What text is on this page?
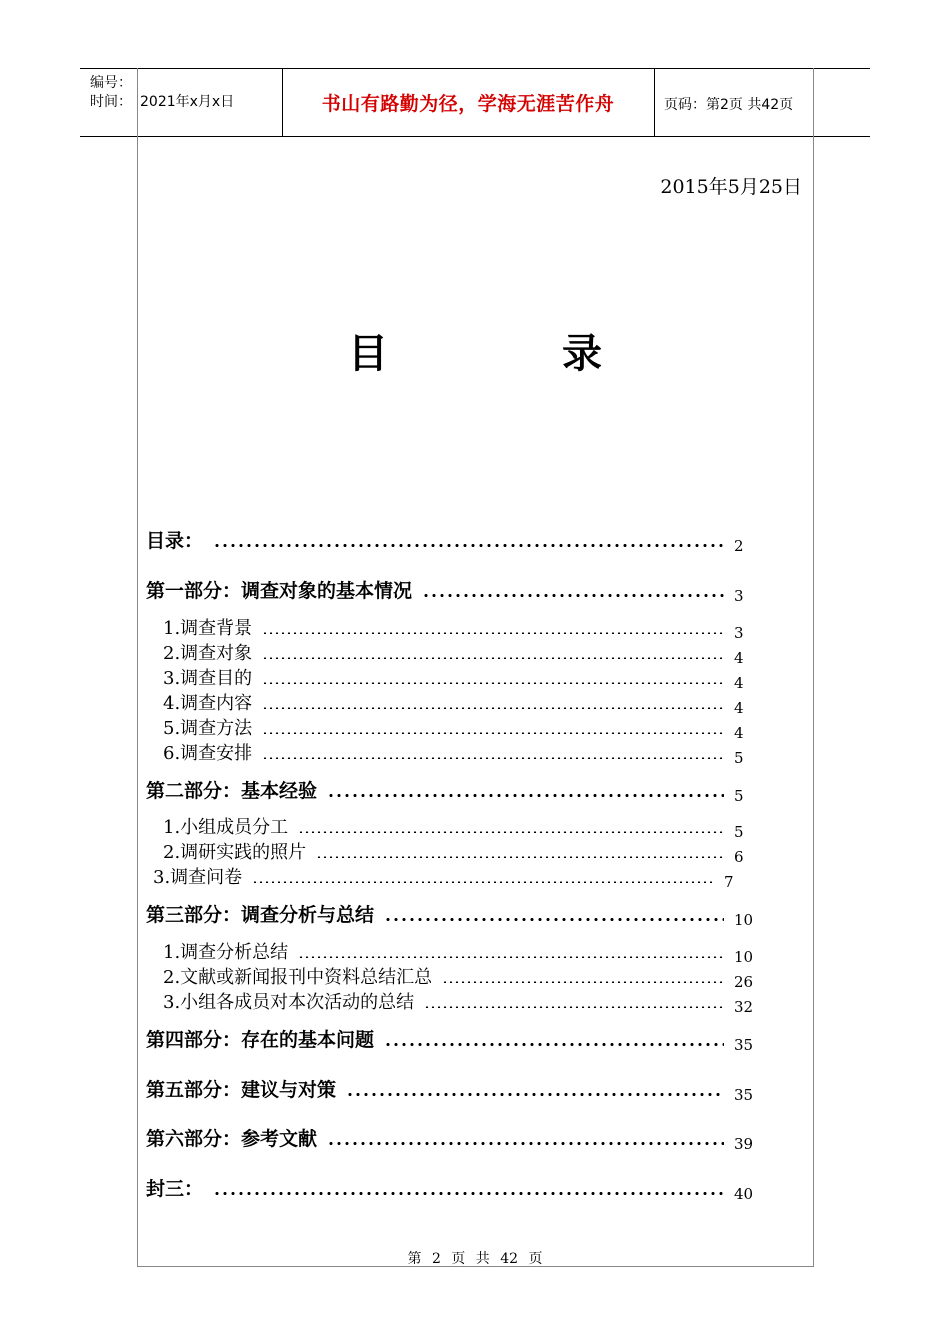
编号：
时间： 2021年x月x日	书山有路勤为径，学海无涯苦作舟	页码：第2页 共42页
2015年5月25日
目 录
目录：	2
第一部分：调查对象的基本情况	3
1.调查背景	3
2.调查对象	4
3.调查目的	4
4.调查内容	4
5.调查方法	4
6.调查安排	5
第二部分：基本经验	5
1.小组成员分工	5
2.调研实践的照片	6
3.调查问卷	7
第三部分：调查分析与总结	10
1.调查分析总结	10
2.文献或新闻报刊中资料总结汇总	26
3.小组各成员对本次活动的总结	32
第四部分：存在的基本问题	35
第五部分：建议与对策	35
第六部分：参考文献	39
封三：	40
第 2 页 共 42 页
